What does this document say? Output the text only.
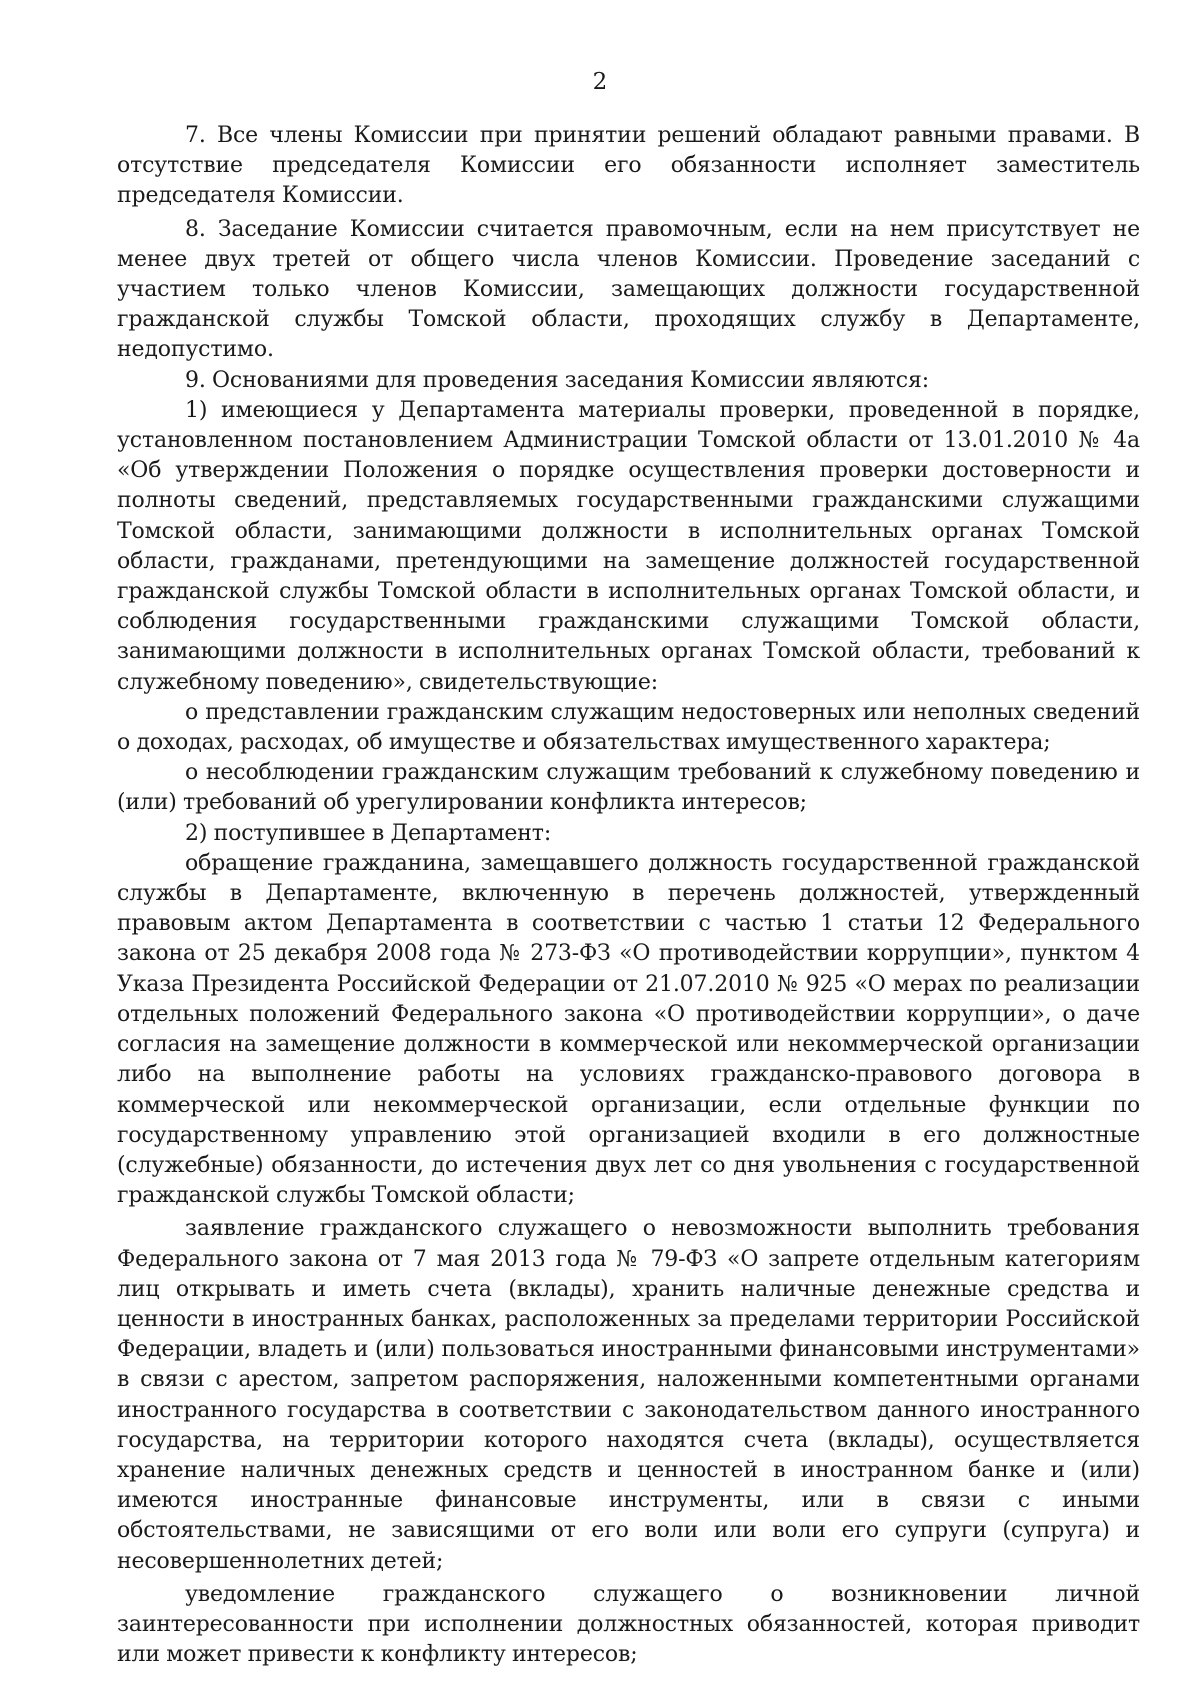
2

7. Все члены Комиссии при принятии решений обладают равными правами. В отсутствие председателя Комиссии его обязанности исполняет заместитель председателя Комиссии.

8. Заседание Комиссии считается правомочным, если на нем присутствует не менее двух третей от общего числа членов Комиссии. Проведение заседаний с участием только членов Комиссии, замещающих должности государственной гражданской службы Томской области, проходящих службу в Департаменте, недопустимо.

9. Основаниями для проведения заседания Комиссии являются:

1) имеющиеся у Департамента материалы проверки, проведенной в порядке, установленном постановлением Администрации Томской области от 13.01.2010 № 4а «Об утверждении Положения о порядке осуществления проверки достоверности и полноты сведений, представляемых государственными гражданскими служащими Томской области, занимающими должности в исполнительных органах Томской области, гражданами, претендующими на замещение должностей государственной гражданской службы Томской области в исполнительных органах Томской области, и соблюдения государственными гражданскими служащими Томской области, занимающими должности в исполнительных органах Томской области, требований к служебному поведению», свидетельствующие:

о представлении гражданским служащим недостоверных или неполных сведений о доходах, расходах, об имуществе и обязательствах имущественного характера;

о несоблюдении гражданским служащим требований к служебному поведению и (или) требований об урегулировании конфликта интересов;

2) поступившее в Департамент:

обращение гражданина, замещавшего должность государственной гражданской службы в Департаменте, включенную в перечень должностей, утвержденный правовым актом Департамента в соответствии с частью 1 статьи 12 Федерального закона от 25 декабря 2008 года № 273-ФЗ «О противодействии коррупции», пунктом 4 Указа Президента Российской Федерации от 21.07.2010 № 925 «О мерах по реализации отдельных положений Федерального закона «О противодействии коррупции», о даче согласия на замещение должности в коммерческой или некоммерческой организации либо на выполнение работы на условиях гражданско-правового договора в коммерческой или некоммерческой организации, если отдельные функции по государственному управлению этой организацией входили в его должностные (служебные) обязанности, до истечения двух лет со дня увольнения с государственной гражданской службы Томской области;

заявление гражданского служащего о невозможности выполнить требования Федерального закона от 7 мая 2013 года № 79-ФЗ «О запрете отдельным категориям лиц открывать и иметь счета (вклады), хранить наличные денежные средства и ценности в иностранных банках, расположенных за пределами территории Российской Федерации, владеть и (или) пользоваться иностранными финансовыми инструментами» в связи с арестом, запретом распоряжения, наложенными компетентными органами иностранного государства в соответствии с законодательством данного иностранного государства, на территории которого находятся счета (вклады), осуществляется хранение наличных денежных средств и ценностей в иностранном банке и (или) имеются иностранные финансовые инструменты, или в связи с иными обстоятельствами, не зависящими от его воли или воли его супруги (супруга) и несовершеннолетних детей;

уведомление гражданского служащего о возникновении личной заинтересованности при исполнении должностных обязанностей, которая приводит или может привести к конфликту интересов;
